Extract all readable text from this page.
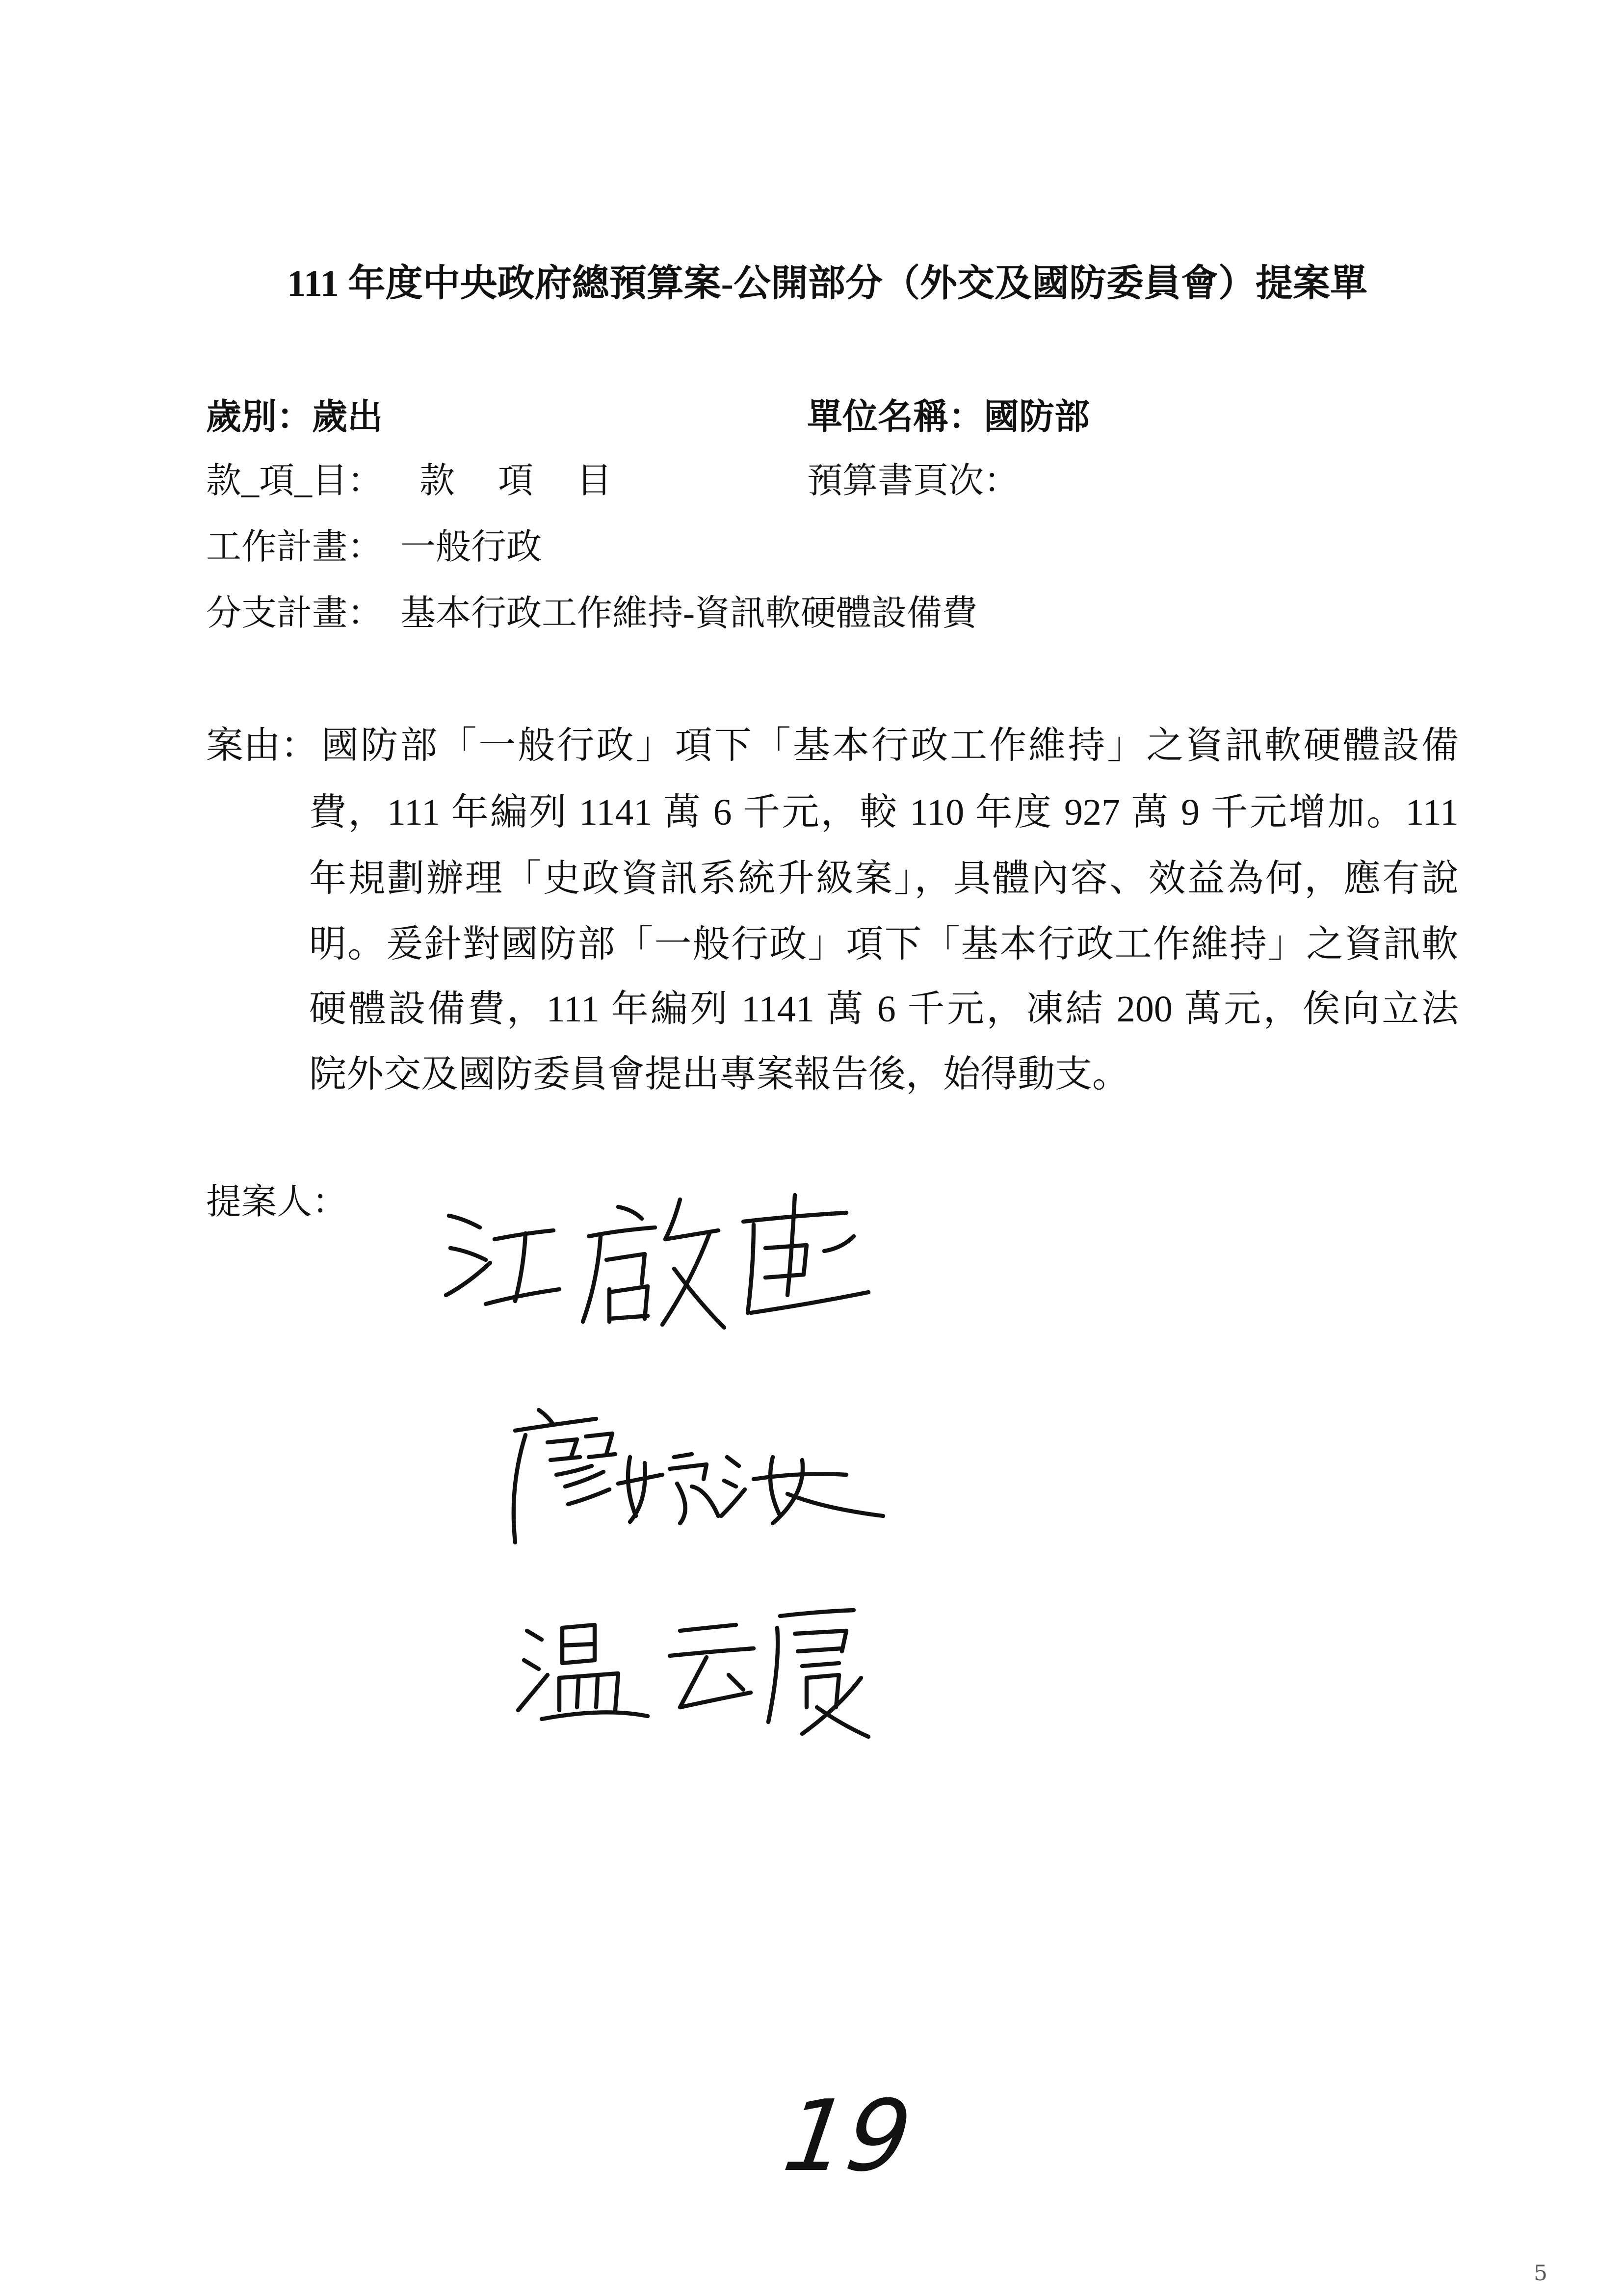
111 年度中央政府總預算案-公開部分（外交及國防委員會）提案單
歲別：歲出	單位名稱：國防部
款_項_目： 款 項 目	預算書頁次：
工作計畫： 一般行政
分支計畫： 基本行政工作維持-資訊軟硬體設備費
案由： 國防部「一般行政」項下「基本行政工作維持」之資訊軟硬體設備
費，111 年編列 1141 萬 6 千元，較 110 年度 927 萬 9 千元增加。111
年規劃辦理「史政資訊系統升級案」，具體內容、效益為何，應有說
明。爰針對國防部「一般行政」項下「基本行政工作維持」之資訊軟
硬體設備費，111 年編列 1141 萬 6 千元，凍結 200 萬元，俟向立法
院外交及國防委員會提出專案報告後，始得動支。
提案人：
19
5
